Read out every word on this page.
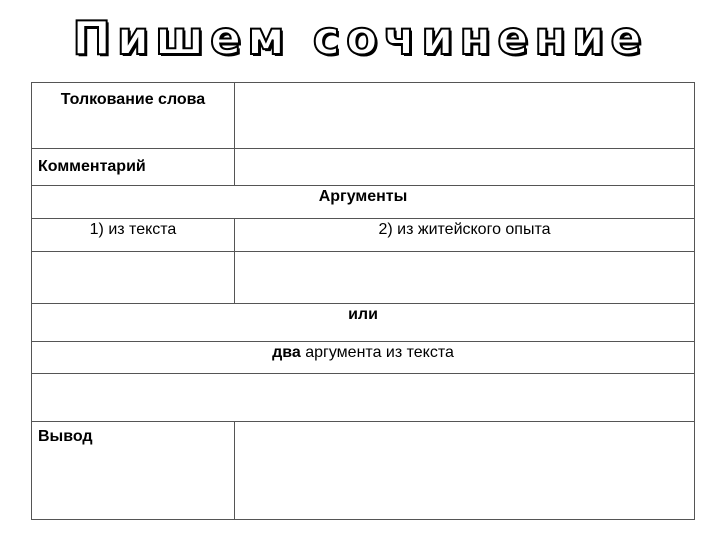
Пишем сочинение
Толкование слова	
Комментарий	
Аргументы	
1) из текста	2) из житейского опыта

или	
два аргумента из текста	

Вывод	
